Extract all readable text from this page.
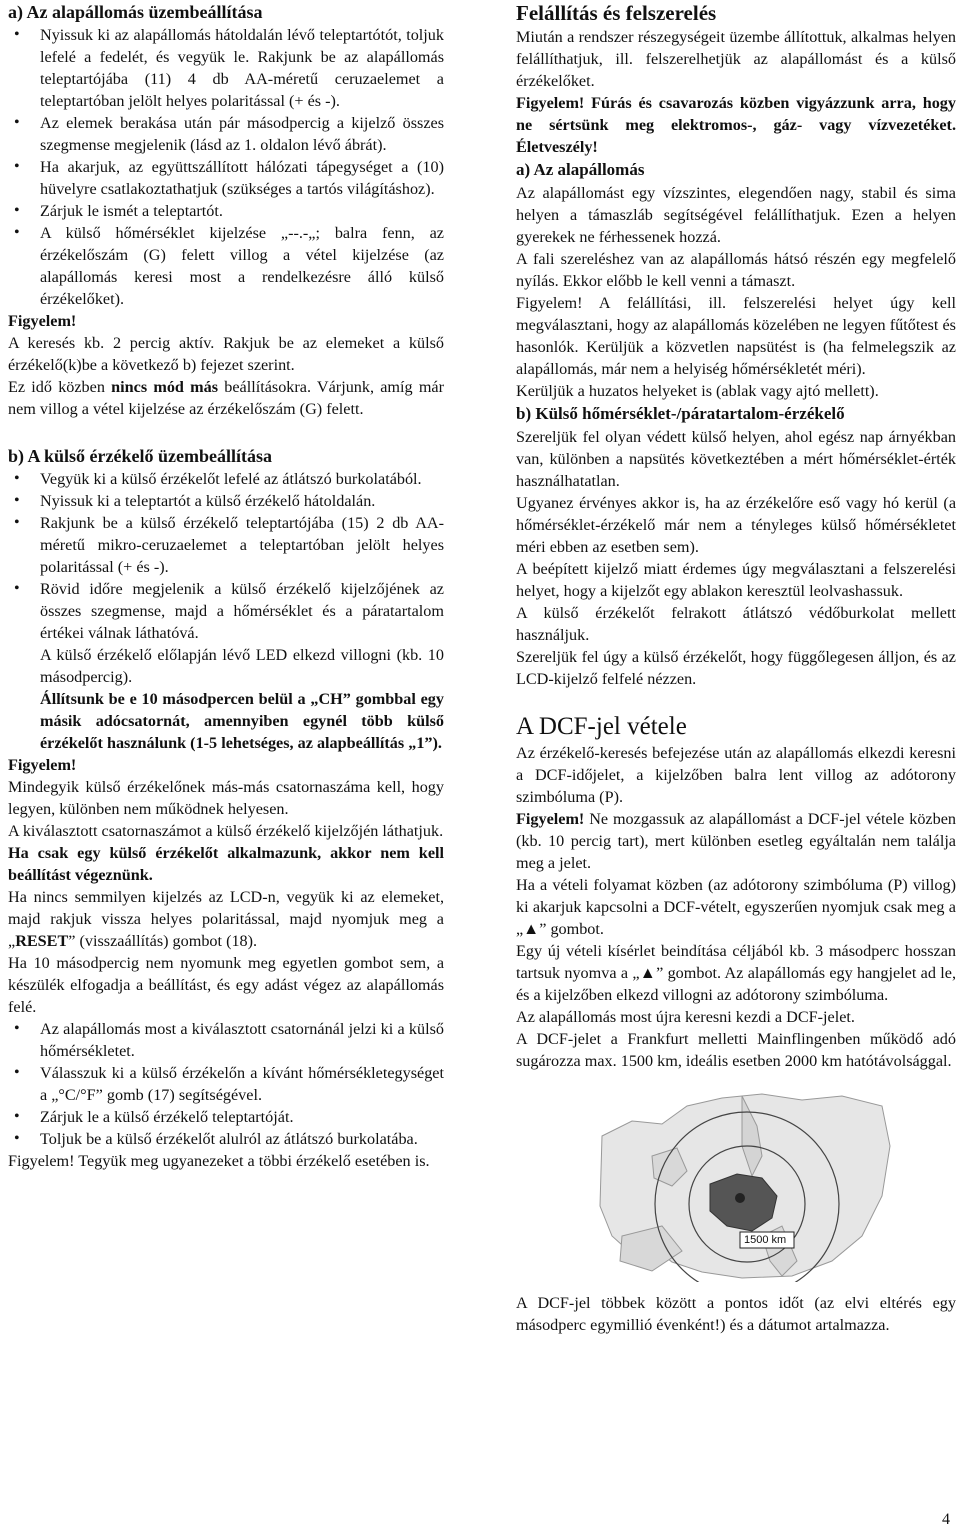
a) Az alapállomás üzembeállítása
• Nyissuk ki az alapállomás hátoldalán lévő teleptartótót, toljuk lefelé a fedelét, és vegyük le. Rakjunk be az alapállomás teleptartójába (11) 4 db AA-méretű ceruzaelemet a teleptartóban jelölt helyes polaritással (+ és -).
• Az elemek berakása után pár másodpercig a kijelző összes szegmense megjelenik (lásd az 1. oldalon lévő ábrát).
• Ha akarjuk, az együttszállított hálózati tápegységet a (10) hüvelyre csatlakoztathatjuk (szükséges a tartós világításhoz).
• Zárjuk le ismét a teleptartót.
• A külső hőmérséklet kijelzése „--.-„; balra fenn, az érzékelőszám (G) felett villog a vétel kijelzése (az alapállomás keresi most a rendelkezésre álló külső érzékelőket).

Figyelem!

A keresés kb. 2 percig aktív. Rakjuk be az elemeket a külső érzékelő(k)be a következő b) fejezet szerint.

Ez idő közben nincs mód más beállításokra. Várjunk, amíg már nem villog a vétel kijelzése az érzékelőszám (G) felett.

b) A külső érzékelő üzembeállítása
• Vegyük ki a külső érzékelőt lefelé az átlátszó burkolatából.
• Nyissuk ki a teleptartót a külső érzékelő hátoldalán.
• Rakjunk be a külső érzékelő teleptartójába (15) 2 db AA-méretű mikro-ceruzaelemet a teleptartóban jelölt helyes polaritással (+ és -).
• Rövid időre megjelenik a külső érzékelő kijelzőjének az összes szegmense, majd a hőmérséklet és a páratartalom értékei válnak láthatóvá.

A külső érzékelő előlapján lévő LED elkezd villogni (kb. 10 másodpercig).

Állítsunk be e 10 másodpercen belül a „CH” gombbal egy másik adócsatornát, amennyiben egynél több külső érzékelőt használunk (1-5 lehetséges, az alapbeállítás „1”).

Figyelem!

Mindegyik külső érzékelőnek más-más csatornaszáma kell, hogy legyen, különben nem működnek helyesen.

A kiválasztott csatornaszámot a külső érzékelő kijelzőjén láthatjuk.

Ha csak egy külső érzékelőt alkalmazunk, akkor nem kell beállítást végeznünk.

Ha nincs semmilyen kijelzés az LCD-n, vegyük ki az elemeket, majd rakjuk vissza helyes polaritással, majd nyomjuk meg a „RESET” (visszaállítás) gombot (18).

Ha 10 másodpercig nem nyomunk meg egyetlen gombot sem, a készülék elfogadja a beállítást, és egy adást végez az alapállomás felé.

• Az alapállomás most a kiválasztott csatornánál jelzi ki a külső hőmérsékletet.
• Válasszuk ki a külső érzékelőn a kívánt hőmérsékletegységet a „°C/°F” gomb (17) segítségével.
• Zárjuk le a külső érzékelő teleptartóját.
• Toljuk be a külső érzékelőt alulról az átlátszó burkolatába.

Figyelem! Tegyük meg ugyanezeket a többi érzékelő esetében is.

Felállítás és felszerelés

Miután a rendszer részegységeit üzembe állítottuk, alkalmas helyen felállíthatjuk, ill. felszerelhetjük az alapállomást és a külső érzékelőket.

Figyelem! Fúrás és csavarozás közben vigyázzunk arra, hogy ne sértsünk meg elektromos-, gáz- vagy vízvezetéket. Életveszély!

a) Az alapállomás

Az alapállomást egy vízszintes, elegendően nagy, stabil és sima helyen a támaszláb segítségével felállíthatjuk. Ezen a helyen gyerekek ne férhessenek hozzá.

A fali szereléshez van az alapállomás hátsó részén egy megfelelő nyílás. Ekkor előbb le kell venni a támaszt.

Figyelem! A felállítási, ill. felszerelési helyet úgy kell megválasztani, hogy az alapállomás közelében ne legyen fűtőtest és hasonlók. Kerüljük a közvetlen napsütést is (ha felmelegszik az alapállomás, már nem a helyiség hőmérsékletét méri).

Kerüljük a huzatos helyeket is (ablak vagy ajtó mellett).

b) Külső hőmérséklet-/páratartalom-érzékelő

Szereljük fel olyan védett külső helyen, ahol egész nap árnyékban van, különben a napsütés következtében a mért hőmérséklet-érték használhatatlan.

Ugyanez érvényes akkor is, ha az érzékelőre eső vagy hó kerül (a hőmérséklet-érzékelő már nem a tényleges külső hőmérsékletet méri ebben az esetben sem).

A beépített kijelző miatt érdemes úgy megválasztani a felszerelési helyet, hogy a kijelzőt egy ablakon keresztül leolvashassuk.

A külső érzékelőt felrakott átlátszó védőburkolat mellett használjuk.

Szereljük fel úgy a külső érzékelőt, hogy függőlegesen álljon, és az LCD-kijelző felfelé nézzen.

A DCF-jel vétele

Az érzékelő-keresés befejezése után az alapállomás elkezdi keresni a DCF-időjelet, a kijelzőben balra lent villog az adótorony szimbóluma (P).

Figyelem! Ne mozgassuk az alapállomást a DCF-jel vétele közben (kb. 10 percig tart), mert különben esetleg egyáltalán nem találja meg a jelet.

Ha a vételi folyamat közben (az adótorony szimbóluma (P) villog) ki akarjuk kapcsolni a DCF-vételt, egyszerűen nyomjuk csak meg a „▲” gombot.

Egy új vételi kísérlet beindítása céljából kb. 3 másodperc hosszan tartsuk nyomva a „▲” gombot. Az alapállomás egy hangjelet ad le, és a kijelzőben elkezd villogni az adótorony szimbóluma.

Az alapállomás most újra keresni kezdi a DCF-jelet.

A DCF-jelet a Frankfurt melletti Mainflingenben működő adó sugározza max. 1500 km, ideális esetben 2000 km hatótávolsággal.

1500 km

A DCF-jel többek között a pontos időt (az elvi eltérés egy másodperc egymillió évenként!) és a dátumot artalmazza.

4
